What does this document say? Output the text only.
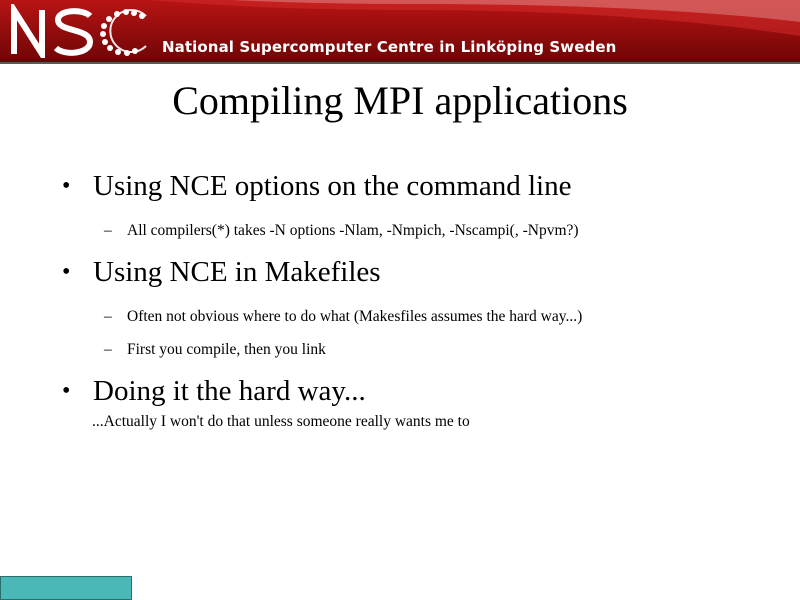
National Supercomputer Centre in Linköping Sweden
Compiling MPI applications
• Using NCE options on the command line
– All compilers(*) takes -N options -Nlam, -Nmpich, -Nscampi(, -Npvm?)
• Using NCE in Makefiles
– Often not obvious where to do what (Makesfiles assumes the hard way...)
– First you compile, then you link
• Doing it the hard way...
...Actually I won't do that unless someone really wants me to
